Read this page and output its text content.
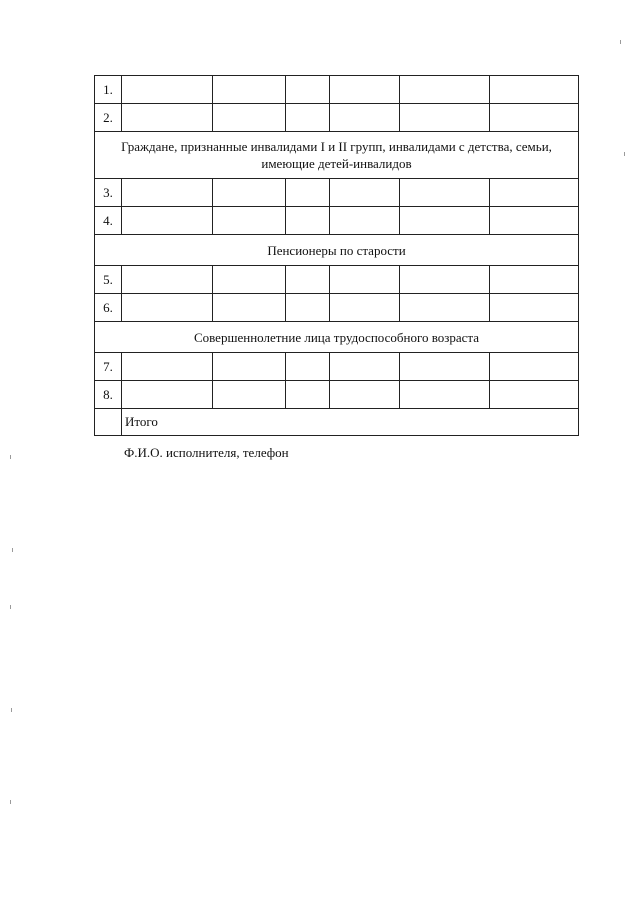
1.						
2.						
Граждане, признанные инвалидами I и II групп, инвалидами с детства, семьи, имеющие детей-инвалидов						
3.						
4.						
Пенсионеры по старости						
5.						
6.						
Совершеннолетние лица трудоспособного возраста						
7.						
8.						
	Итого					
Ф.И.О. исполнителя, телефон
